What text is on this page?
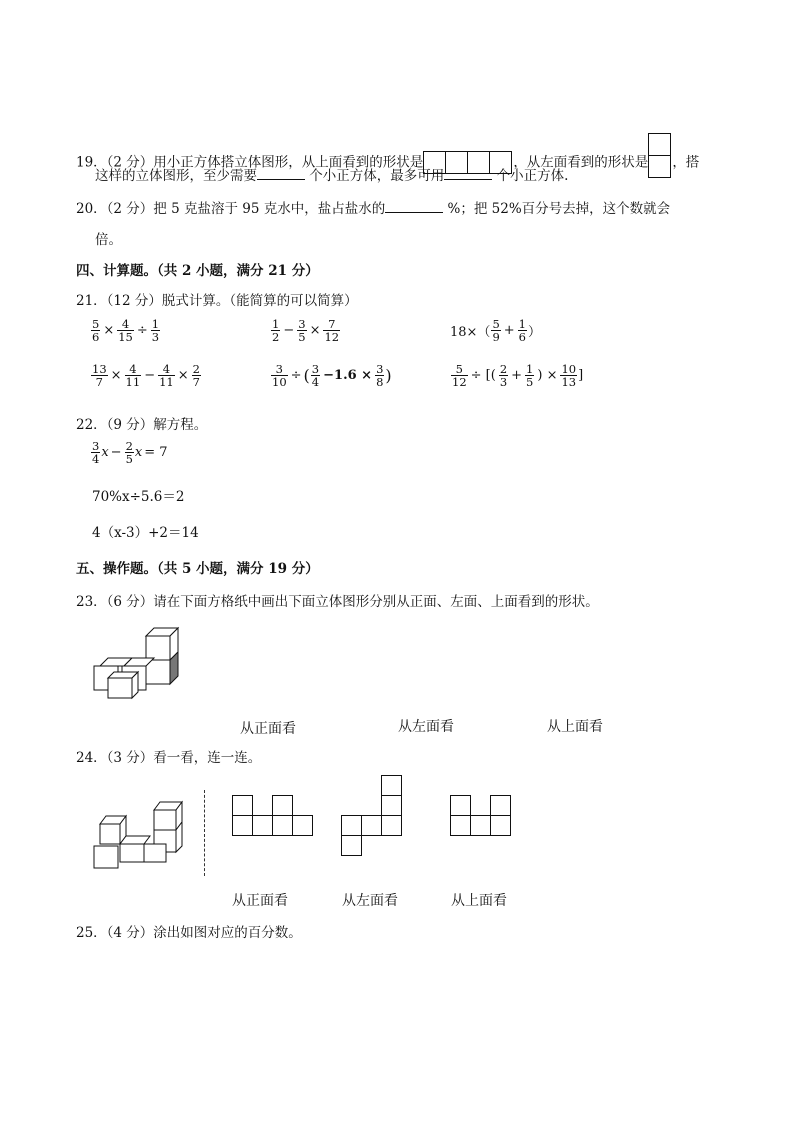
19．（2 分）用小正方体搭立体图形，从上面看到的形状是	，从左面看到的形状是 ，搭
这样的立体图形，至少需要	个小正方体，最多可用	个小正方体.
20．（2 分）把 5 克盐溶于 95 克水中，盐占盐水的	%；把 52%百分号去掉，这个数就会
倍。
四、计算题。（共 2 小题，满分 21 分）
21．（12 分）脱式计算。（能简算的可以简算）
$\frac{5}{6} \times \frac{4}{15} \div \frac{1}{3}$	$\frac{1}{2} - \frac{3}{5} \times \frac{7}{12}$	$18\times( \frac{5}{9} + \frac{1}{6}$ ）
$\frac{13}{7} \times \frac{4}{11} - \frac{4}{11} \times \frac{2}{7}$	$\frac{3}{10}$ ÷ ( $\frac{3}{4} -1.6 \times \frac{3}{8}$ )	$\frac{5}{12}$ ÷ [( $\frac{2}{3} + \frac{1}{5}$ ) × $\frac{10}{13}$ ]
22．（9 分）解方程。
$\frac{3}{4}$ $x - \frac{2}{5}$ x = 7
70%x÷5.6＝2
4（x-3）+2＝14
五、操作题。（共 5 小题，满分 19 分）
23．（6 分）请在下面方格纸中画出下面立体图形分别从正面、左面、上面看到的形状。
从正面看	从左面看	从上面看
24．（3 分）看一看，连一连。
从正面看	从左面看	从上面看
25．（4 分）涂出如图对应的百分数。
